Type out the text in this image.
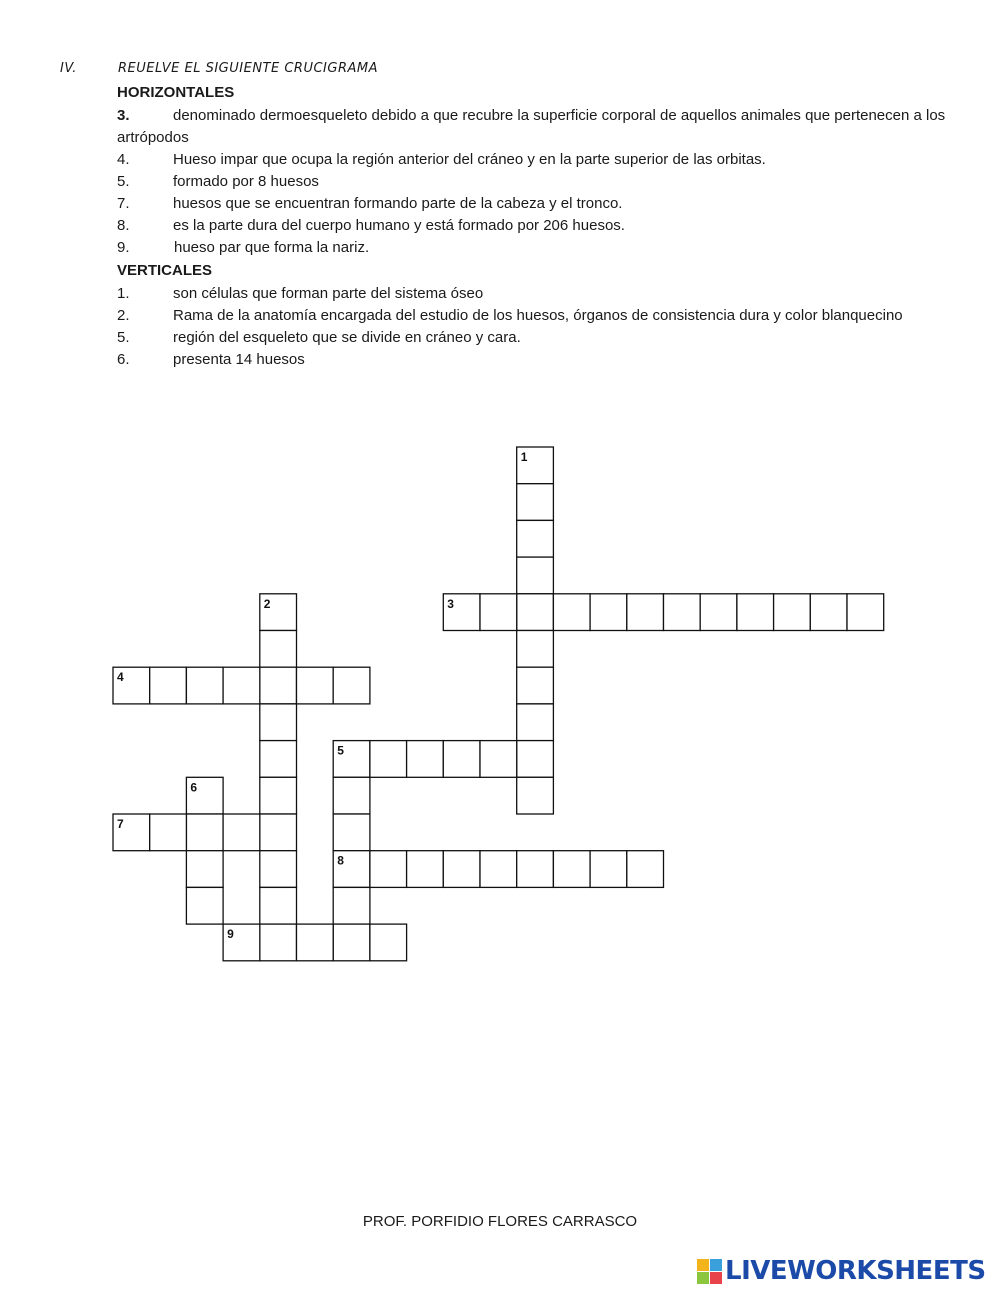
IV.	REUELVE EL SIGUIENTE CRUCIGRAMA
HORIZONTALES
3.	denominado dermoesqueleto debido a que recubre la superficie corporal de aquellos animales que pertenecen a los artrópodos
4.	Hueso impar que ocupa la región anterior del cráneo y en la parte superior de las orbitas.
5.	formado por 8 huesos
7.	huesos que se encuentran formando parte de la cabeza y el tronco.
8.	es la parte dura del cuerpo humano y está formado por 206 huesos.
9.	hueso par que forma la nariz.
VERTICALES
1.	son células que forman parte del sistema óseo
2.	Rama de la anatomía encargada del estudio de los huesos, órganos de consistencia dura y color blanquecino
5.	región del esqueleto que se divide en cráneo y cara.
6.	presenta 14 huesos
1
2	3
4
5
6
7
8
9
PROF. PORFIDIO FLORES CARRASCO
LIVEWORKSHEETS
